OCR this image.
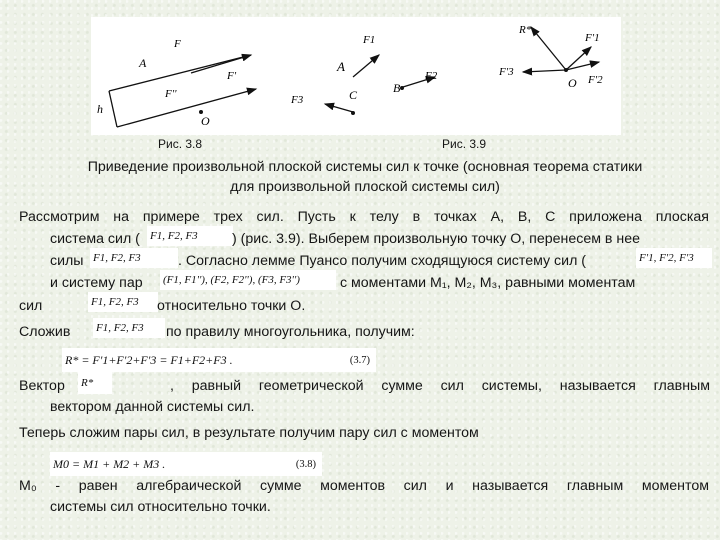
A
h
O
F
F'
F''
A
B
C
O
F1
F2
F3
R*
F'1
F'2
F'3
Рис. 3.8	Рис. 3.9
Приведение произвольной плоской системы сил к точке (основная теорема статики
для произвольной плоской системы сил)
Рассмотрим на примере трех сил. Пусть к телу в точках А, В, С приложена плоская
система сил ( F1, F2, F3	) (рис. 3.9). Выберем произвольную точку О, перенесем в нее
силы F1, F2, F3	. Согласно лемме Пуансо получим сходящуюся систему сил (	F'1, F'2, F'3
и систему пар	(F1, F1''), (F2, F2''), (F3, F3'')	с моментами М₁, М₂, М₃, равными моментам
сил	F1, F2, F3	относительно точки О.
Сложив	F1, F2, F3	по правилу многоугольника, получим:
R* = F'1+F'2+F'3 = F1+F2+F3 .	(3.7)
Вектор	R*	, равный геометрической сумме сил системы, называется главным
вектором данной системы сил.
Теперь сложим пары сил, в результате получим пару сил с моментом
M0 = M1 + M2 + M3 .	(3.8)
М₀ - равен алгебраической сумме моментов сил и называется главным моментом
системы сил относительно точки.
